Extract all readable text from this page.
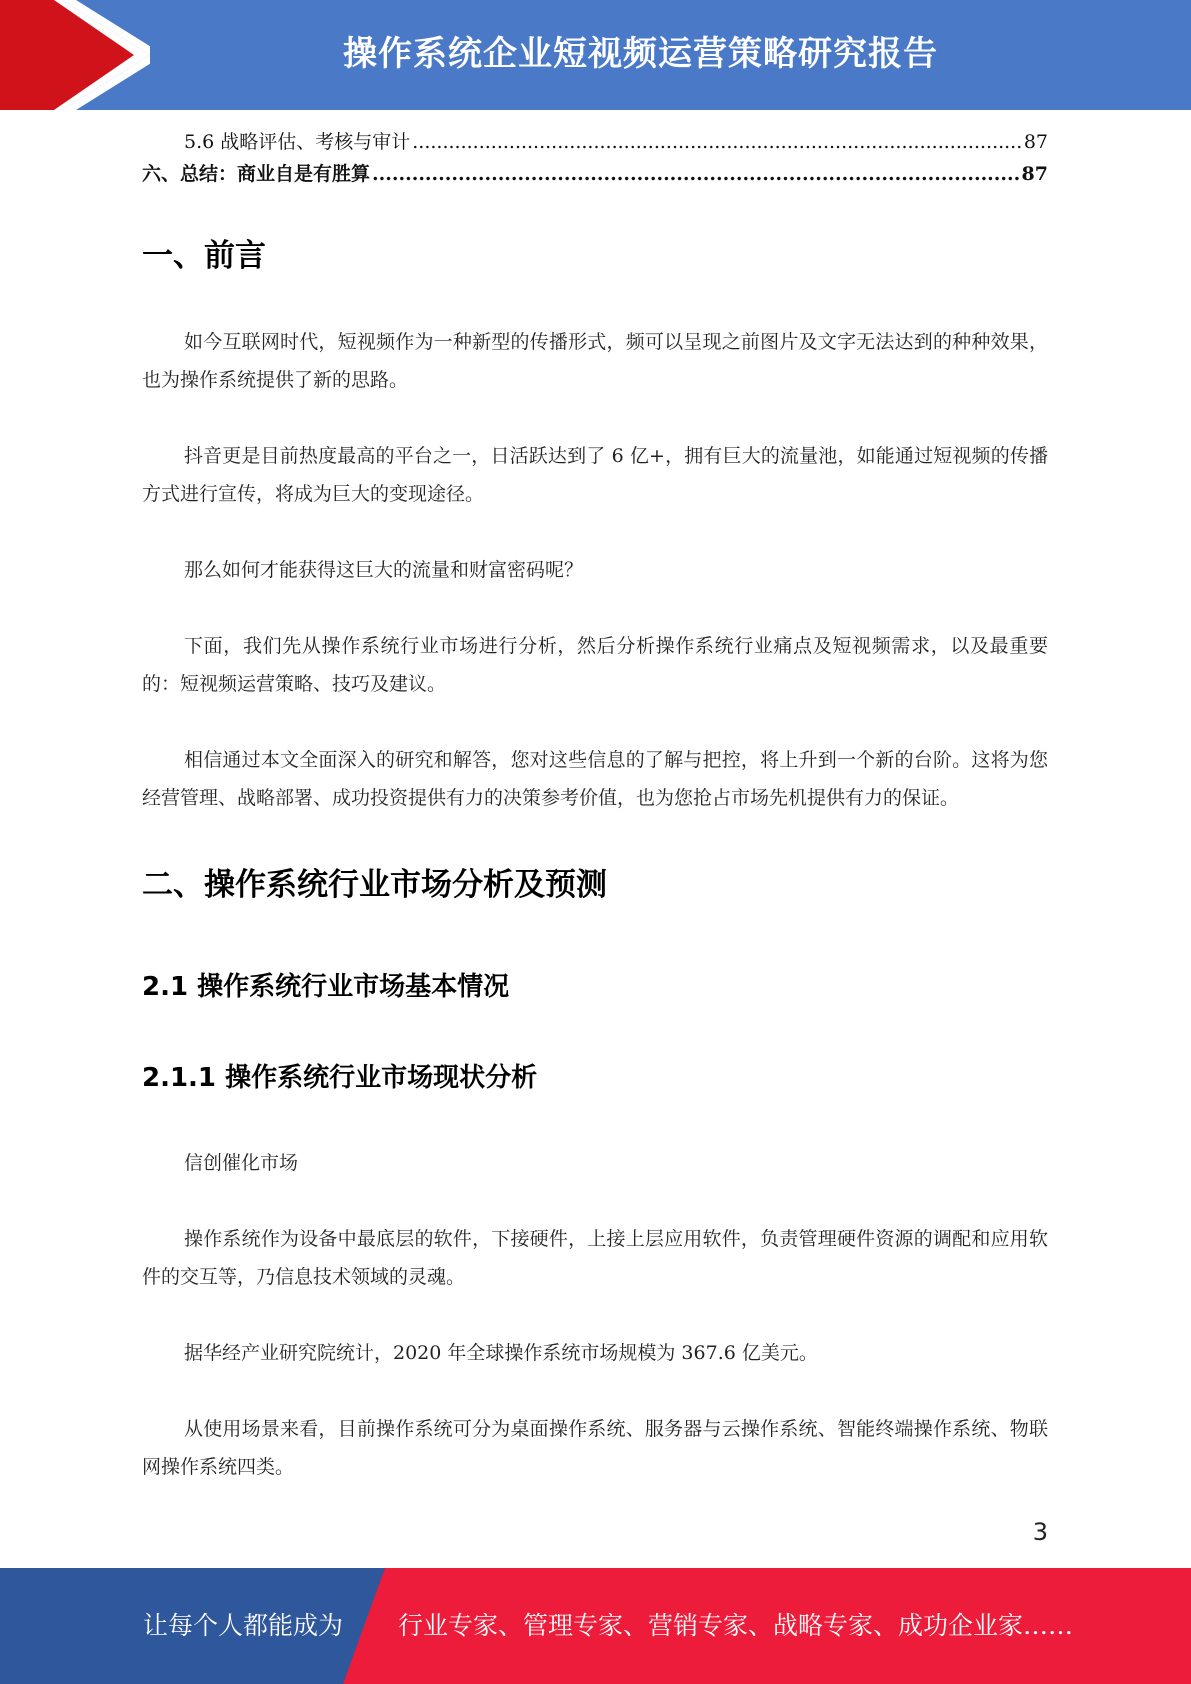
操作系统企业短视频运营策略研究报告
5.6 战略评估、考核与审计 .....	87
六、总结：商业自是有胜算 .....	87
一、前言

如今互联网时代，短视频作为一种新型的传播形式，频可以呈现之前图片及文字无法达到的种种效果，也为操作系统提供了新的思路。

抖音更是目前热度最高的平台之一，日活跃达到了 6 亿+，拥有巨大的流量池，如能通过短视频的传播方式进行宣传，将成为巨大的变现途径。

那么如何才能获得这巨大的流量和财富密码呢？

下面，我们先从操作系统行业市场进行分析，然后分析操作系统行业痛点及短视频需求，以及最重要的：短视频运营策略、技巧及建议。

相信通过本文全面深入的研究和解答，您对这些信息的了解与把控，将上升到一个新的台阶。这将为您经营管理、战略部署、成功投资提供有力的决策参考价值，也为您抢占市场先机提供有力的保证。

二、操作系统行业市场分析及预测
2.1 操作系统行业市场基本情况
2.1.1 操作系统行业市场现状分析

信创催化市场

操作系统作为设备中最底层的软件，下接硬件，上接上层应用软件，负责管理硬件资源的调配和应用软件的交互等，乃信息技术领域的灵魂。

据华经产业研究院统计，2020 年全球操作系统市场规模为 367.6 亿美元。

从使用场景来看，目前操作系统可分为桌面操作系统、服务器与云操作系统、智能终端操作系统、物联网操作系统四类。

3
让每个人都能成为 行业专家、管理专家、营销专家、战略专家、成功企业家……
